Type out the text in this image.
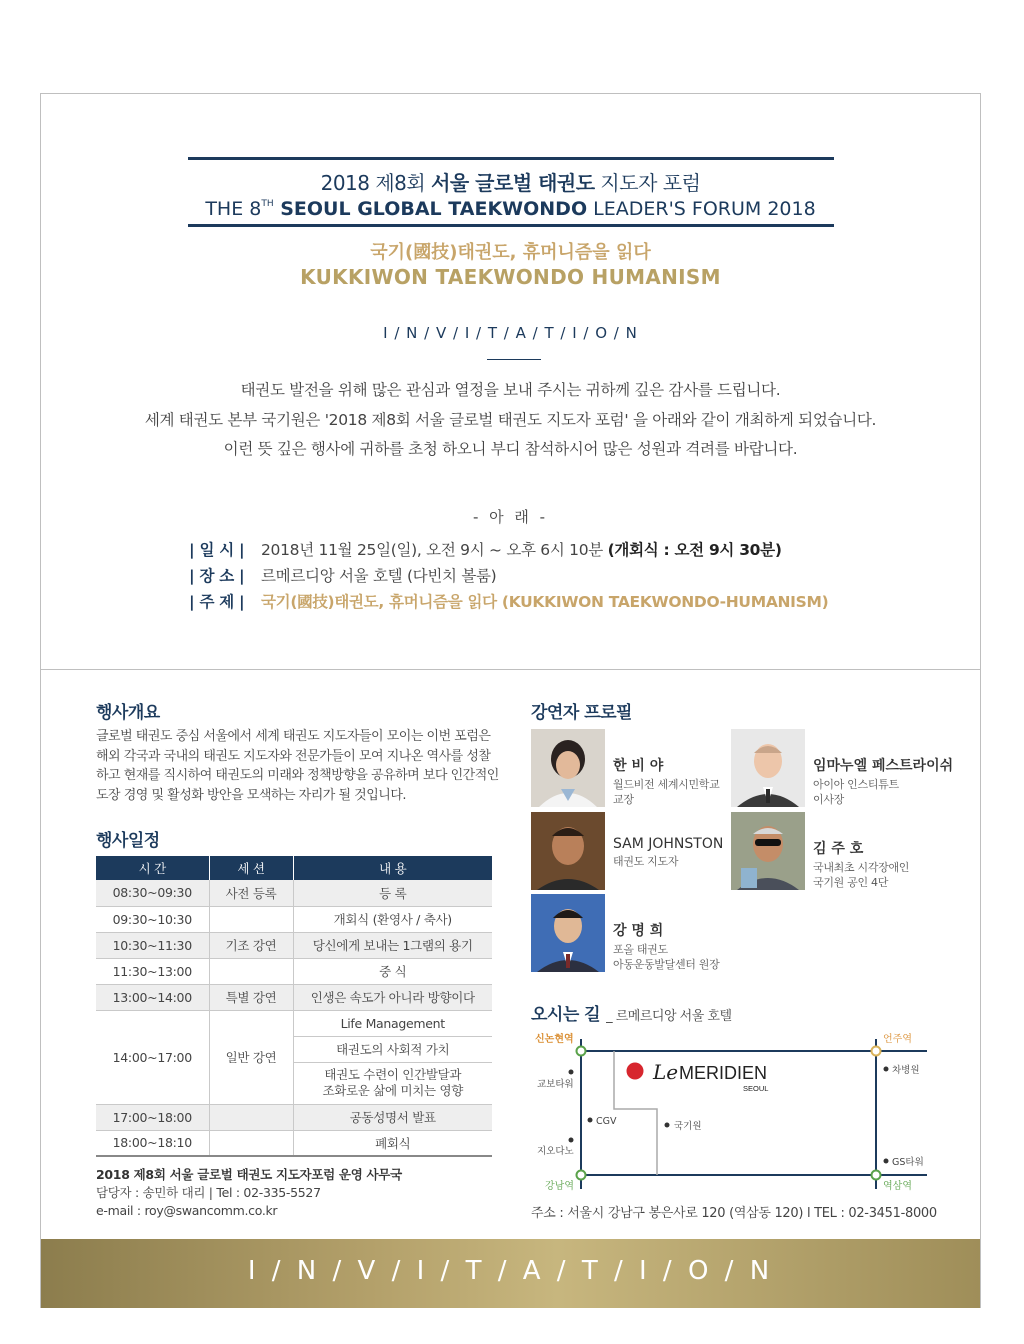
2018 제8회 서울 글로벌 태권도 지도자 포럼
THE 8TH SEOUL GLOBAL TAEKWONDO LEADER'S FORUM 2018
국기(國技)태권도, 휴머니즘을 읽다
KUKKIWON TAEKWONDO HUMANISM
I / N / V / I / T / A / T / I / O / N
태권도 발전을 위해 많은 관심과 열정을 보내 주시는 귀하께 깊은 감사를 드립니다.
세계 태권도 본부 국기원은 '2018 제8회 서울 글로벌 태권도 지도자 포럼' 을 아래와 같이 개최하게 되었습니다.
이런 뜻 깊은 행사에 귀하를 초청 하오니 부디 참석하시어 많은 성원과 격려를 바랍니다.
- 아 래 -
| 일 시 | 2018년 11월 25일(일), 오전 9시 ~ 오후 6시 10분 (개회식 : 오전 9시 30분)
| 장 소 | 르메르디앙 서울 호텔 (다빈치 볼룸)
| 주 제 | 국기(國技)태권도, 휴머니즘을 읽다 (KUKKIWON TAEKWONDO-HUMANISM)
행사개요
글로벌 태권도 중심 서울에서 세계 태권도 지도자들이 모이는 이번 포럼은 해외 각국과 국내의 태권도 지도자와 전문가들이 모여 지나온 역사를 성찰하고 현재를 직시하여 태권도의 미래와 정책방향을 공유하며 보다 인간적인 도장 경영 및 활성화 방안을 모색하는 자리가 될 것입니다.
행사일정
시 간	세 션	내 용
08:30~09:30	사전 등록	등 록
09:30~10:30		개회식 (환영사 / 축사)
10:30~11:30	기조 강연	당신에게 보내는 1그램의 용기
11:30~13:00		중 식
13:00~14:00	특별 강연	인생은 속도가 아니라 방향이다
14:00~17:00	일반 강연	Life Management
		태권도의 사회적 가치

		태권도 수련이 인간발달과
조화로운 삶에 미치는 영향

17:00~18:00		공동성명서 발표
18:00~18:10		폐회식
2018 제8회 서울 글로벌 태권도 지도자포럼 운영 사무국
담당자 : 송민하 대리 | Tel : 02-335-5527
e-mail : roy@swancomm.co.kr
강연자 프로필
한 비 야
월드비전 세계시민학교
교장
임마누엘 페스트라이쉬
아이아 인스티튜트
이사장
SAM JOHNSTON
태권도 지도자
김 주 호
국내최초 시각장애인
국기원 공인 4단
강 명 희
포올 태권도
아동운동발달센터 원장
오시는 길 _ 르메르디앙 서울 호텔
신논현역	언주역
강남역	역삼역
교보타워
CGV
지오다노
국기원
차병원
GS타워
Le MERIDIEN
SEOUL
주소 : 서울시 강남구 봉은사로 120 (역삼동 120) l TEL : 02-3451-8000
I / N / V / I / T / A / T / I / O / N
